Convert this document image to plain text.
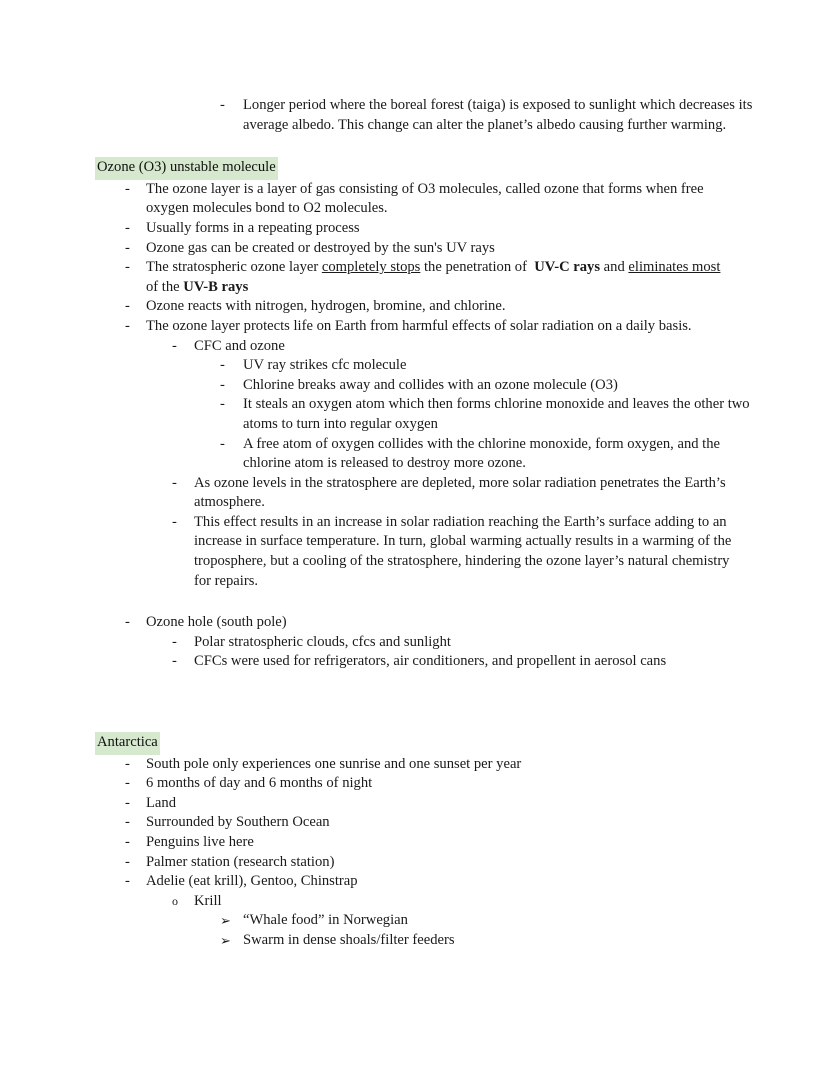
-	Longer period where the boreal forest (taiga) is exposed to sunlight which decreases its average albedo. This change can alter the planet’s albedo causing further warming.
Ozone (O3) unstable molecule
-	The ozone layer is a layer of gas consisting of O3 molecules, called ozone that forms when free oxygen molecules bond to O2 molecules.
-	Usually forms in a repeating process
-	Ozone gas can be created or destroyed by the sun's UV rays
-	The stratospheric ozone layer completely stops the penetration of  UV-C rays and eliminates most of the UV-B rays
-	Ozone reacts with nitrogen, hydrogen, bromine, and chlorine.
-	The ozone layer protects life on Earth from harmful effects of solar radiation on a daily basis.
-	CFC and ozone
-	UV ray strikes cfc molecule
-	Chlorine breaks away and collides with an ozone molecule (O3)
-	It steals an oxygen atom which then forms chlorine monoxide and leaves the other two atoms to turn into regular oxygen
-	A free atom of oxygen collides with the chlorine monoxide, form oxygen, and the chlorine atom is released to destroy more ozone.
-	As ozone levels in the stratosphere are depleted, more solar radiation penetrates the Earth’s atmosphere.
-	This effect results in an increase in solar radiation reaching the Earth’s surface adding to an increase in surface temperature. In turn, global warming actually results in a warming of the troposphere, but a cooling of the stratosphere, hindering the ozone layer’s natural chemistry for repairs.
-	Ozone hole (south pole)
-	Polar stratospheric clouds, cfcs and sunlight
-	CFCs were used for refrigerators, air conditioners, and propellent in aerosol cans
Antarctica
-	South pole only experiences one sunrise and one sunset per year
-	6 months of day and 6 months of night
-	Land
-	Surrounded by Southern Ocean
-	Penguins live here
-	Palmer station (research station)
-	Adelie (eat krill), Gentoo, Chinstrap
o	Krill
➢ “Whale food” in Norwegian
➢ Swarm in dense shoals/filter feeders
